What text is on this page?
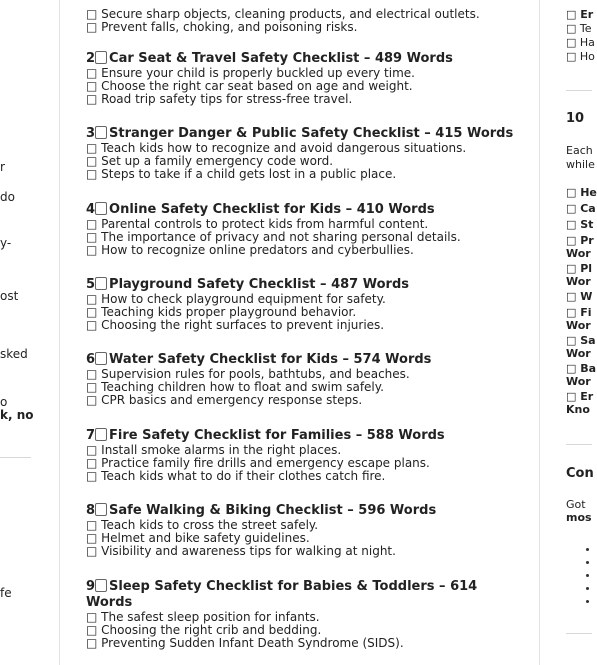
r
do
y-
ost
sked
o
k, no
fe
□ Secure sharp objects, cleaning products, and electrical outlets.
□ Prevent falls, choking, and poisoning risks.
2 Car Seat & Travel Safety Checklist – 489 Words
□ Ensure your child is properly buckled up every time.
□ Choose the right car seat based on age and weight.
□ Road trip safety tips for stress-free travel.
3 Stranger Danger & Public Safety Checklist – 415 Words
□ Teach kids how to recognize and avoid dangerous situations.
□ Set up a family emergency code word.
□ Steps to take if a child gets lost in a public place.
4 Online Safety Checklist for Kids – 410 Words
□ Parental controls to protect kids from harmful content.
□ The importance of privacy and not sharing personal details.
□ How to recognize online predators and cyberbullies.
5 Playground Safety Checklist – 487 Words
□ How to check playground equipment for safety.
□ Teaching kids proper playground behavior.
□ Choosing the right surfaces to prevent injuries.
6 Water Safety Checklist for Kids – 574 Words
□ Supervision rules for pools, bathtubs, and beaches.
□ Teaching children how to float and swim safely.
□ CPR basics and emergency response steps.
7 Fire Safety Checklist for Families – 588 Words
□ Install smoke alarms in the right places.
□ Practice family fire drills and emergency escape plans.
□ Teach kids what to do if their clothes catch fire.
8 Safe Walking & Biking Checklist – 596 Words
□ Teach kids to cross the street safely.
□ Helmet and bike safety guidelines.
□ Visibility and awareness tips for walking at night.
9 Sleep Safety Checklist for Babies & Toddlers – 614
Words
□ The safest sleep position for infants.
□ Choosing the right crib and bedding.
□ Preventing Sudden Infant Death Syndrome (SIDS).
□ Er
□ Te
□ Ha
□ Ho
10
Each
while
□ He
□ Ca
□ St
□ Pr
Wor
□ Pl
Wor
□ W
□ Fi
Wor
□ Sa
Wor
□ Ba
Wor
□ Er
Kno
Con
Got
mos
